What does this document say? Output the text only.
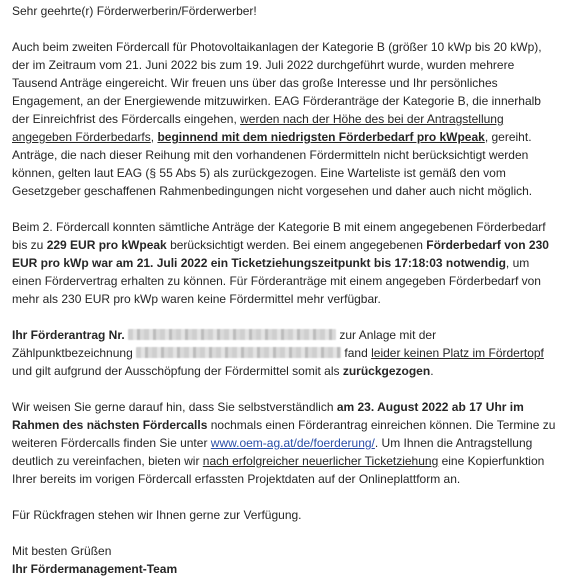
Sehr geehrte(r) Förderwerberin/Förderwerber!

Auch beim zweiten Fördercall für Photovoltaikanlagen der Kategorie B (größer 10 kWp bis 20 kWp), der im Zeitraum vom 21. Juni 2022 bis zum 19. Juli 2022 durchgeführt wurde, wurden mehrere Tausend Anträge eingereicht. Wir freuen uns über das große Interesse und Ihr persönliches Engagement, an der Energiewende mitzuwirken. EAG Förderanträge der Kategorie B, die innerhalb der Einreichfrist des Fördercalls eingehen, werden nach der Höhe des bei der Antragstellung angegeben Förderbedarfs, beginnend mit dem niedrigsten Förderbedarf pro kWpeak, gereiht. Anträge, die nach dieser Reihung mit den vorhandenen Fördermitteln nicht berücksichtigt werden können, gelten laut EAG (§ 55 Abs 5) als zurückgezogen. Eine Warteliste ist gemäß den vom Gesetzgeber geschaffenen Rahmenbedingungen nicht vorgesehen und daher auch nicht möglich.

Beim 2. Fördercall konnten sämtliche Anträge der Kategorie B mit einem angegebenen Förderbedarf bis zu 229 EUR pro kWpeak berücksichtigt werden. Bei einem angegebenen Förderbedarf von 230 EUR pro kWp war am 21. Juli 2022 ein Ticketziehungszeitpunkt bis 17:18:03 notwendig, um einen Fördervertrag erhalten zu können. Für Förderanträge mit einem angegeben Förderbedarf von mehr als 230 EUR pro kWp waren keine Fördermittel mehr verfügbar.

Ihr Förderantrag Nr.	zur Anlage mit der Zählpunktbezeichnung	fand leider keinen Platz im Fördertopf und gilt aufgrund der Ausschöpfung der Fördermittel somit als zurückgezogen.

Wir weisen Sie gerne darauf hin, dass Sie selbstverständlich am 23. August 2022 ab 17 Uhr im Rahmen des nächsten Fördercalls nochmals einen Förderantrag einreichen können. Die Termine zu weiteren Fördercalls finden Sie unter www.oem-ag.at/de/foerderung/. Um Ihnen die Antragstellung deutlich zu vereinfachen, bieten wir nach erfolgreicher neuerlicher Ticketziehung eine Kopierfunktion Ihrer bereits im vorigen Fördercall erfassten Projektdaten auf der Onlineplattform an.

Für Rückfragen stehen wir Ihnen gerne zur Verfügung.

Mit besten Grüßen
Ihr Fördermanagement-Team
